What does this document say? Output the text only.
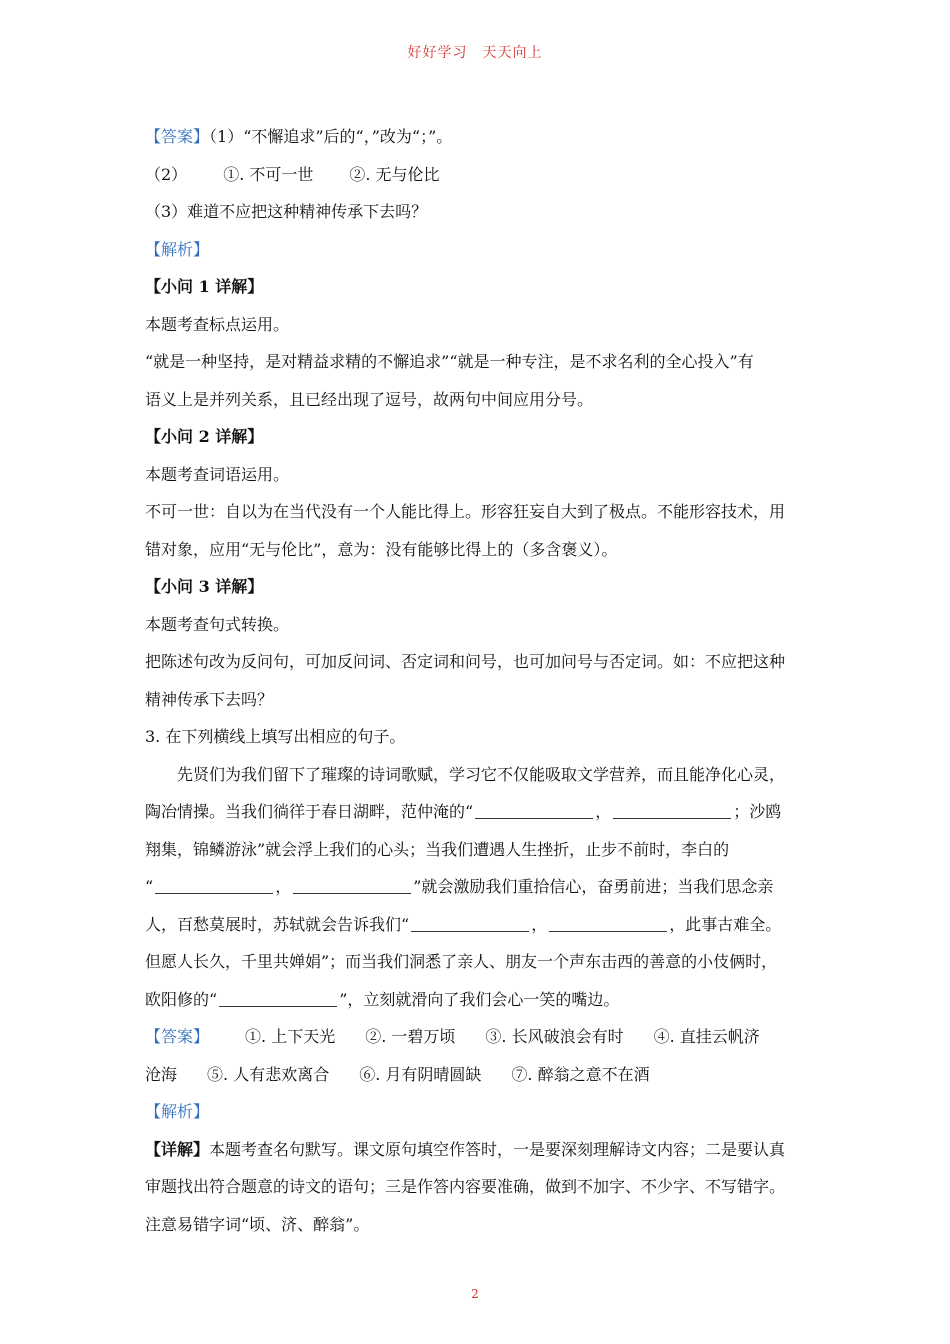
好好学习　天天向上
【答案】（1）“不懈追求”后的“，”改为“；”。
（2） ①. 不可一世 ②. 无与伦比
（3）难道不应把这种精神传承下去吗？
【解析】
【小问 1 详解】
本题考查标点运用。
“就是一种坚持，是对精益求精的不懈追求”“就是一种专注，是不求名利的全心投入”有
语义上是并列关系，且已经出现了逗号，故两句中间应用分号。
【小问 2 详解】
本题考查词语运用。
不可一世：自以为在当代没有一个人能比得上。形容狂妄自大到了极点。不能形容技术，用
错对象，应用“无与伦比”，意为：没有能够比得上的（多含褒义）。
【小问 3 详解】
本题考查句式转换。
把陈述句改为反问句，可加反问词、否定词和问号，也可加问号与否定词。如：不应把这种
精神传承下去吗？
3. 在下列横线上填写出相应的句子。
先贤们为我们留下了璀璨的诗词歌赋，学习它不仅能吸取文学营养，而且能净化心灵，
陶冶情操。当我们徜徉于春日湖畔，范仲淹的“	，	；沙鸥
翔集，锦鳞游泳”就会浮上我们的心头；当我们遭遇人生挫折，止步不前时，李白的
“	，	”就会激励我们重拾信心，奋勇前进；当我们思念亲
人，百愁莫展时，苏轼就会告诉我们“	，	，此事古难全。
但愿人长久，千里共婵娟”；而当我们洞悉了亲人、朋友一个声东击西的善意的小伎俩时，
欧阳修的“	”，立刻就滑向了我们会心一笑的嘴边。
【答案】 ①. 上下天光 ②. 一碧万顷 ③. 长风破浪会有时 ④. 直挂云帆济
沧海 ⑤. 人有悲欢离合 ⑥. 月有阴晴圆缺 ⑦. 醉翁之意不在酒
【解析】
【详解】本题考查名句默写。课文原句填空作答时，一是要深刻理解诗文内容；二是要认真
审题找出符合题意的诗文的语句；三是作答内容要准确，做到不加字、不少字、不写错字。
注意易错字词“顷、济、醉翁”。
2
